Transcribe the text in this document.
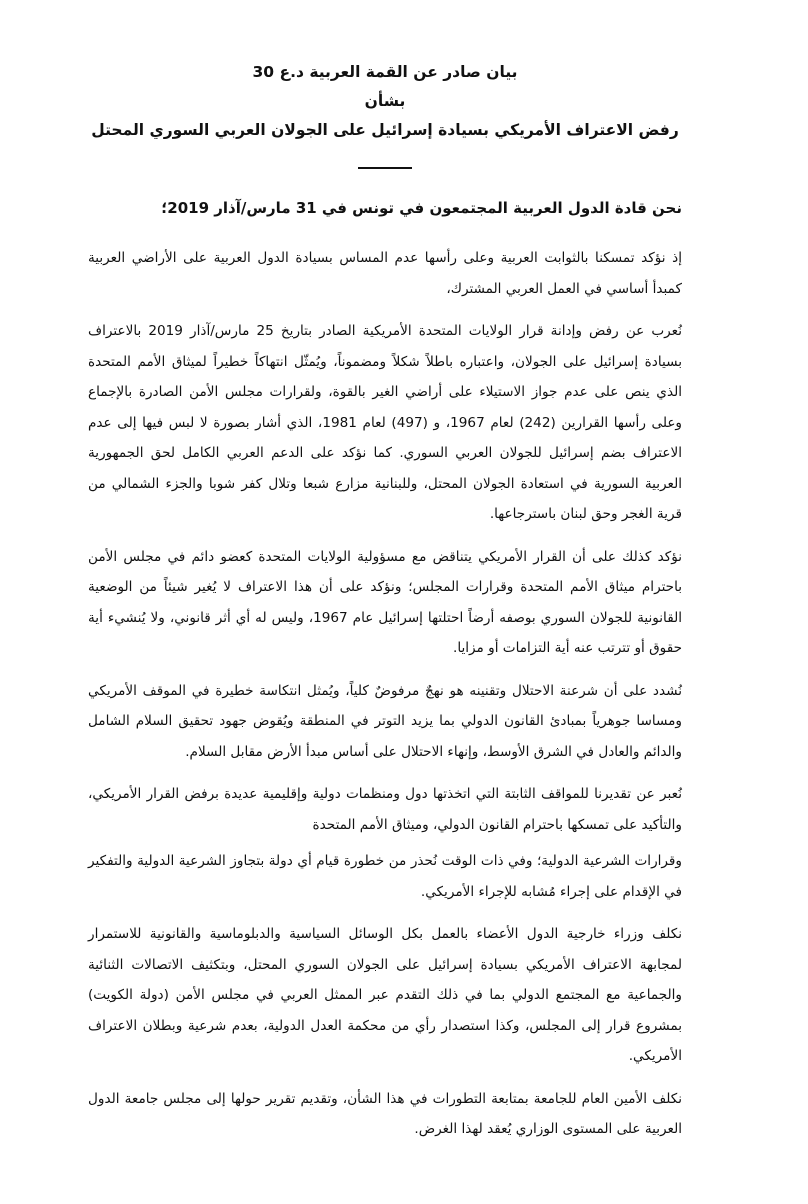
بيان صادر عن القمة العربية د.ع 30
بشأن
رفض الاعتراف الأمريكي بسيادة إسرائيل على الجولان العربي السوري المحتل
نحن قادة الدول العربية المجتمعون في تونس في 31 مارس/آذار 2019؛

إذ نؤكد تمسكنا بالثوابت العربية وعلى رأسها عدم المساس بسيادة الدول العربية على الأراضي العربية كمبدأ أساسي في العمل العربي المشترك،

نُعرب عن رفض وإدانة قرار الولايات المتحدة الأمريكية الصادر بتاريخ 25 مارس/آذار 2019 بالاعتراف بسيادة إسرائيل على الجولان، واعتباره باطلاً شكلاً ومضموناً، ويُمثّل انتهاكاً خطيراً لميثاق الأمم المتحدة الذي ينص على عدم جواز الاستيلاء على أراضي الغير بالقوة، ولقرارات مجلس الأمن الصادرة بالإجماع وعلى رأسها القرارين (242) لعام 1967، و (497) لعام 1981، الذي أشار بصورة لا لبس فيها إلى عدم الاعتراف بضم إسرائيل للجولان العربي السوري. كما نؤكد على الدعم العربي الكامل لحق الجمهورية العربية السورية في استعادة الجولان المحتل، وللبنانية مزارع شبعا وتلال كفر شوبا والجزء الشمالي من قرية الغجر وحق لبنان باسترجاعها.

نؤكد كذلك على أن القرار الأمريكي يتناقض مع مسؤولية الولايات المتحدة كعضو دائم في مجلس الأمن باحترام ميثاق الأمم المتحدة وقرارات المجلس؛ ونؤكد على أن هذا الاعتراف لا يُغير شيئاً من الوضعية القانونية للجولان السوري بوصفه أرضاً احتلتها إسرائيل عام 1967، وليس له أي أثر قانوني، ولا يُنشيء أية حقوق أو تترتب عنه أية التزامات أو مزايا.

نُشدد على أن شرعنة الاحتلال وتقنينه هو نهجٌ مرفوضٌ كلياً، ويُمثل انتكاسة خطيرة في الموقف الأمريكي ومساسا جوهرياً بمبادئ القانون الدولي بما يزيد التوتر في المنطقة ويُقوض جهود تحقيق السلام الشامل والدائم والعادل في الشرق الأوسط، وإنهاء الاحتلال على أساس مبدأ الأرض مقابل السلام.

نُعبر عن تقديرنا للمواقف الثابتة التي اتخذتها دول ومنظمات دولية وإقليمية عديدة برفض القرار الأمريكي، والتأكيد على تمسكها باحترام القانون الدولي، وميثاق الأمم المتحدة

وقرارات الشرعية الدولية؛ وفي ذات الوقت نُحذر من خطورة قيام أي دولة بتجاوز الشرعية الدولية والتفكير في الإقدام على إجراء مُشابه للإجراء الأمريكي.

نكلف وزراء خارجية الدول الأعضاء بالعمل بكل الوسائل السياسية والدبلوماسية والقانونية للاستمرار لمجابهة الاعتراف الأمريكي بسيادة إسرائيل على الجولان السوري المحتل، وبتكثيف الاتصالات الثنائية والجماعية مع المجتمع الدولي بما في ذلك التقدم عبر الممثل العربي في مجلس الأمن (دولة الكويت) بمشروع قرار إلى المجلس، وكذا استصدار رأي من محكمة العدل الدولية، بعدم شرعية وبطلان الاعتراف الأمريكي.

نكلف الأمين العام للجامعة بمتابعة التطورات في هذا الشأن، وتقديم تقرير حولها إلى مجلس جامعة الدول العربية على المستوى الوزاري يُعقد لهذا الغرض.
